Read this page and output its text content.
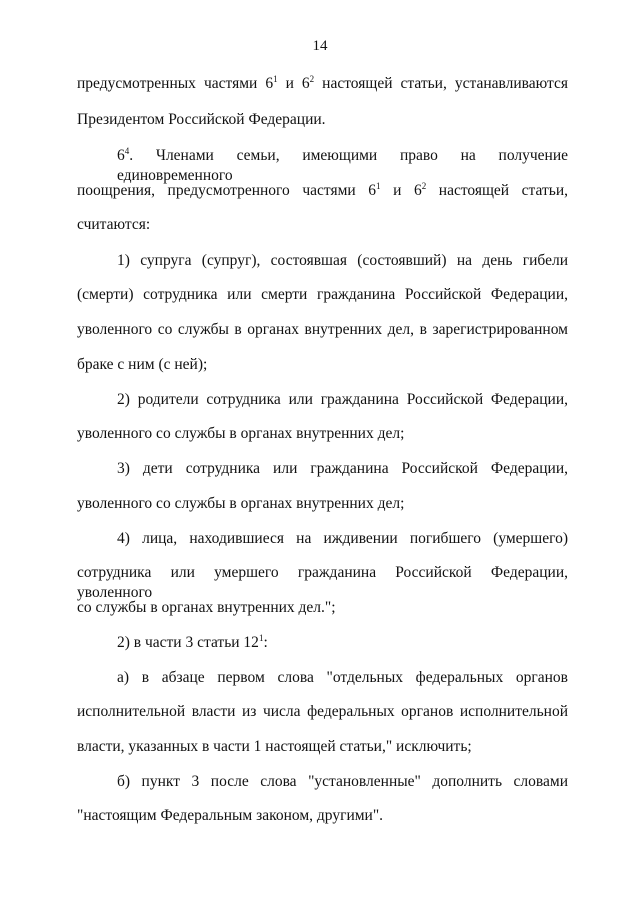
14
предусмотренных частями $6^1$ и $6^2$ настоящей статьи, устанавливаются
Президентом Российской Федерации.
$6^4$. Членами семьи, имеющими право на получение единовременного
поощрения, предусмотренного частями $6^1$ и $6^2$ настоящей статьи,
считаются:
1) супруга (супруг), состоявшая (состоявший) на день гибели
(смерти) сотрудника или смерти гражданина Российской Федерации,
уволенного со службы в органах внутренних дел, в зарегистрированном
браке с ним (с ней);
2) родители сотрудника или гражданина Российской Федерации,
уволенного со службы в органах внутренних дел;
3) дети сотрудника или гражданина Российской Федерации,
уволенного со службы в органах внутренних дел;
4) лица, находившиеся на иждивении погибшего (умершего)
сотрудника или умершего гражданина Российской Федерации, уволенного
со службы в органах внутренних дел.";
2) в части 3 статьи $12^1$:
а) в абзаце первом слова "отдельных федеральных органов
исполнительной власти из числа федеральных органов исполнительной
власти, указанных в части 1 настоящей статьи," исключить;
б) пункт 3 после слова "установленные" дополнить словами
"настоящим Федеральным законом, другими".
